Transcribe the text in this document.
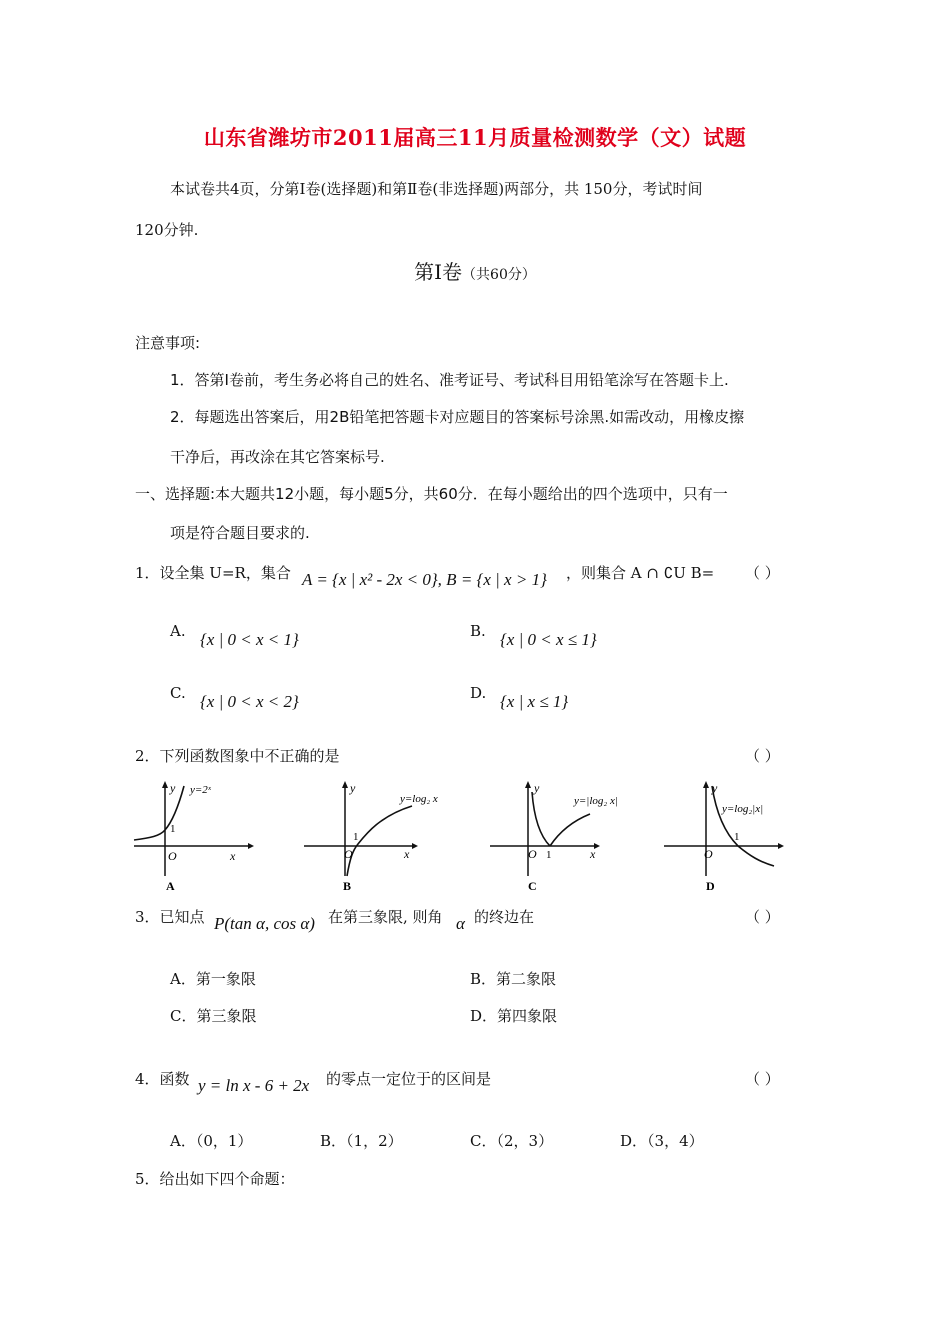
山东省潍坊市2011届高三11月质量检测数学（文）试题
本试卷共4页，分第Ⅰ卷(选择题)和第Ⅱ卷(非选择题)两部分，共 150分，考试时间
120分钟.
第Ⅰ卷（共60分）
注意事项:
1．答第Ⅰ卷前，考生务必将自己的姓名、准考证号、考试科目用铅笔涂写在答题卡上.
2．每题选出答案后，用2B铅笔把答题卡对应题目的答案标号涂黑.如需改动，用橡皮擦
干净后，再改涂在其它答案标号.
一、选择题:本大题共12小题，每小题5分，共60分．在每小题给出的四个选项中，只有一
项是符合题目要求的.
1．设全集 U=R，集合 A = {x | x² - 2x < 0}, B = {x | x > 1} ，则集合 A ∩ ∁U B= （ ）
A. {x | 0 < x < 1}	B. {x | 0 < x ≤ 1}
C. {x | 0 < x < 2}	D. {x | x ≤ 1}
2．下列函数图象中不正确的是	（ ）
y y=2ˣ
1
O	x
A
y
y=log₂ x
1
O	x
B
y
y=|log₂ x|
O 1	x
C
y
y=log₂|x|
1
O
D
3．已知点 P(tan α, cos α) 在第三象限, 则角 α 的终边在	（ ）
A．第一象限	B．第二象限
C．第三象限	D．第四象限
4．函数 y = ln x - 6 + 2x 的零点一定位于的区间是	（ ）
A．（0，1）	B．（1，2）	C．（2，3）	D．（3，4）
5．给出如下四个命题：
